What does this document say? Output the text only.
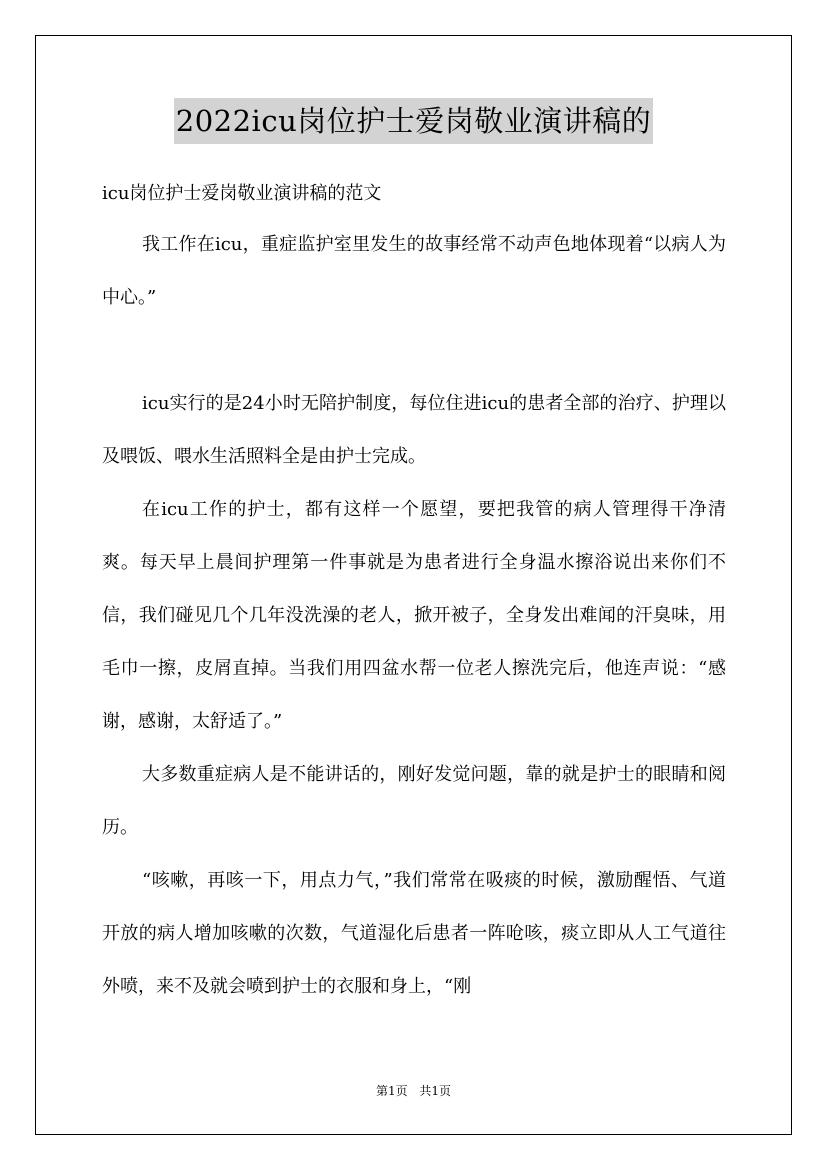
2022icu岗位护士爱岗敬业演讲稿的

icu岗位护士爱岗敬业演讲稿的范文

我工作在icu，重症监护室里发生的故事经常不动声色地体现着“以病人为中心。”

icu实行的是24小时无陪护制度，每位住进icu的患者全部的治疗、护理以及喂饭、喂水生活照料全是由护士完成。

在icu工作的护士，都有这样一个愿望，要把我管的病人管理得干净清爽。每天早上晨间护理第一件事就是为患者进行全身温水擦浴说出来你们不信，我们碰见几个几年没洗澡的老人，掀开被子，全身发出难闻的汗臭味，用毛巾一擦，皮屑直掉。当我们用四盆水帮一位老人擦洗完后，他连声说：“感谢，感谢，太舒适了。”

大多数重症病人是不能讲话的，刚好发觉问题，靠的就是护士的眼睛和阅历。

“咳嗽，再咳一下，用点力气，”我们常常在吸痰的时候，激励醒悟、气道开放的病人增加咳嗽的次数，气道湿化后患者一阵呛咳，痰立即从人工气道往外喷，来不及就会喷到护士的衣服和身上，“刚

第1页 共1页
